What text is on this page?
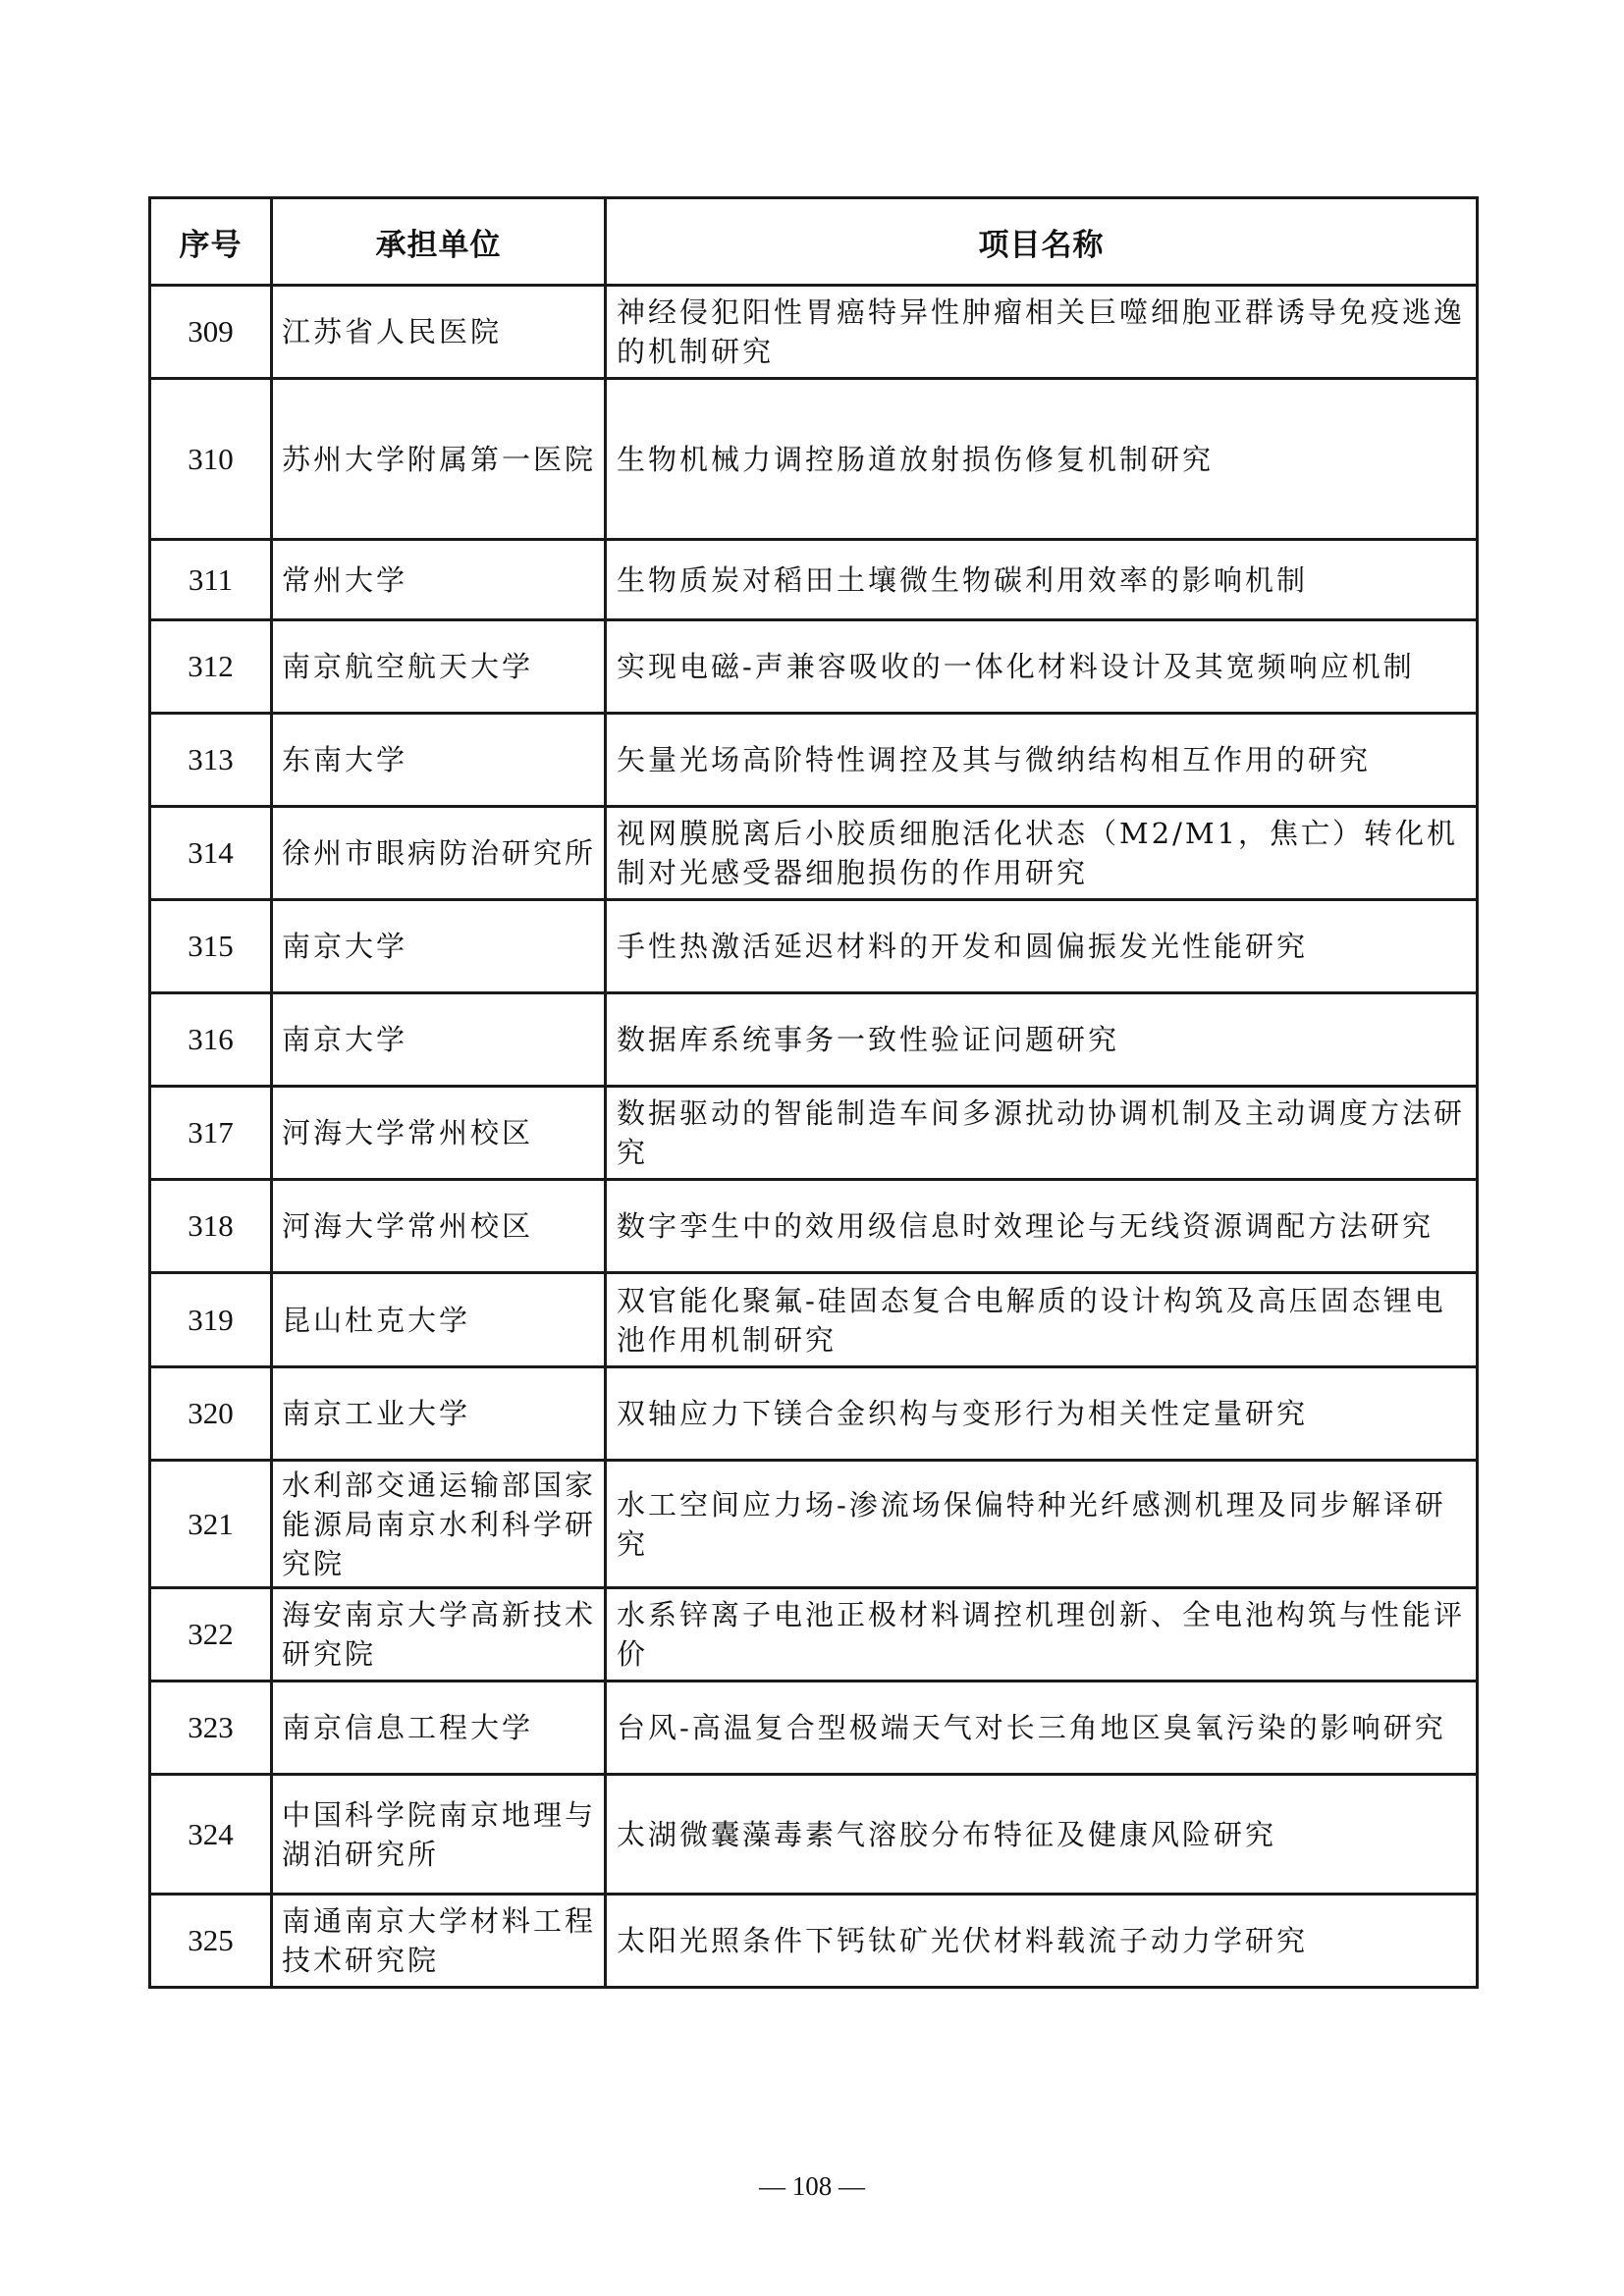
序号	承担单位	项目名称
309	江苏省人民医院	神经侵犯阳性胃癌特异性肿瘤相关巨噬细胞亚群诱导免疫逃逸的机制研究
310	苏州大学附属第一医院	生物机械力调控肠道放射损伤修复机制研究
311	常州大学	生物质炭对稻田土壤微生物碳利用效率的影响机制
312	南京航空航天大学	实现电磁-声兼容吸收的一体化材料设计及其宽频响应机制
313	东南大学	矢量光场高阶特性调控及其与微纳结构相互作用的研究
314	徐州市眼病防治研究所	视网膜脱离后小胶质细胞活化状态（M2/M1，焦亡）转化机制对光感受器细胞损伤的作用研究
315	南京大学	手性热激活延迟材料的开发和圆偏振发光性能研究
316	南京大学	数据库系统事务一致性验证问题研究
317	河海大学常州校区	数据驱动的智能制造车间多源扰动协调机制及主动调度方法研究
318	河海大学常州校区	数字孪生中的效用级信息时效理论与无线资源调配方法研究
319	昆山杜克大学	双官能化聚氟-硅固态复合电解质的设计构筑及高压固态锂电池作用机制研究
320	南京工业大学	双轴应力下镁合金织构与变形行为相关性定量研究
321	水利部交通运输部国家能源局南京水利科学研究院	水工空间应力场-渗流场保偏特种光纤感测机理及同步解译研究
322	海安南京大学高新技术研究院	水系锌离子电池正极材料调控机理创新、全电池构筑与性能评价
323	南京信息工程大学	台风-高温复合型极端天气对长三角地区臭氧污染的影响研究
324	中国科学院南京地理与湖泊研究所	太湖微囊藻毒素气溶胶分布特征及健康风险研究
325	南通南京大学材料工程技术研究院	太阳光照条件下钙钛矿光伏材料载流子动力学研究
— 108 —
